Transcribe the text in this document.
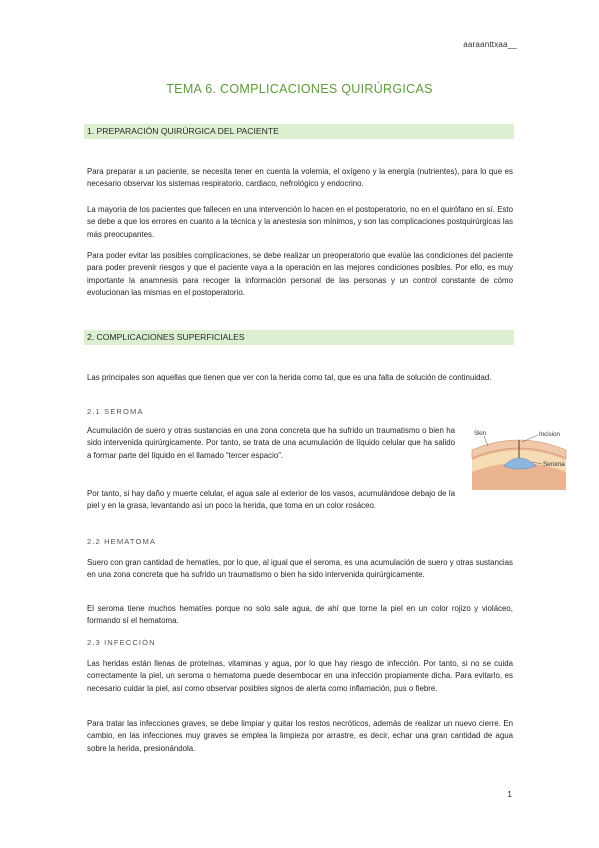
aaraanttxaa__
TEMA 6. COMPLICACIONES QUIRÚRGICAS
1. PREPARACIÓN QUIRÚRGICA DEL PACIENTE

Para preparar a un paciente, se necesita tener en cuenta la volemia, el oxígeno y la energía (nutrientes), para lo que es necesario observar los sistemas respiratorio, cardiaco, nefrológico y endocrino.

La mayoría de los pacientes que fallecen en una intervención lo hacen en el postoperatorio, no en el quirófano en sí. Esto se debe a que los errores en cuanto a la técnica y la anestesia son mínimos, y son las complicaciones postquirúrgicas las más preocupantes.

Para poder evitar las posibles complicaciones, se debe realizar un preoperatorio que evalúe las condiciones del paciente para poder prevenir riesgos y que el paciente vaya a la operación en las mejores condiciones posibles. Por ello, es muy importante la anamnesis para recoger la información personal de las personas y un control constante de cómo evolucionan las mismas en el postoperatorio.

2. COMPLICACIONES SUPERFICIALES

Las principales son aquellas que tienen que ver con la herida como tal, que es una falta de solución de continuidad.

2.1 SEROMA

Acumulación de suero y otras sustancias en una zona concreta que ha sufrido un traumatismo o bien ha sido intervenida quirúrgicamente. Por tanto, se trata de una acumulación de líquido celular que ha salido a formar parte del líquido en el llamado “tercer espacio”.

Por tanto, si hay daño y muerte celular, el agua sale al exterior de los vasos, acumulándose debajo de la piel y en la grasa, levantando así un poco la herida, que toma en un color rosáceo.

Skin	Incision
Seroma
2.2 HEMATOMA

Suero con gran cantidad de hematíes, por lo que, al igual que el seroma, es una acumulación de suero y otras sustancias en una zona concreta que ha sufrido un traumatismo o bien ha sido intervenida quirúrgicamente.

El seroma tiene muchos hematíes porque no solo sale agua, de ahí que torne la piel en un color rojizo y violáceo, formando sí el hematoma.

2.3 INFECCIÓN

Las heridas están llenas de proteínas, vitaminas y agua, por lo que hay riesgo de infección. Por tanto, si no se cuida correctamente la piel, un seroma o hematoma puede desembocar en una infección propiamente dicha. Para evitarlo, es necesario cuidar la piel, así como observar posibles signos de alerta como inflamación, pus o fiebre.

Para tratar las infecciones graves, se debe limpiar y quitar los restos necróticos, además de realizar un nuevo cierre. En cambio, en las infecciones muy graves se emplea la limpieza por arrastre, es decir, echar una gran cantidad de agua sobre la herida, presionándola.

1
